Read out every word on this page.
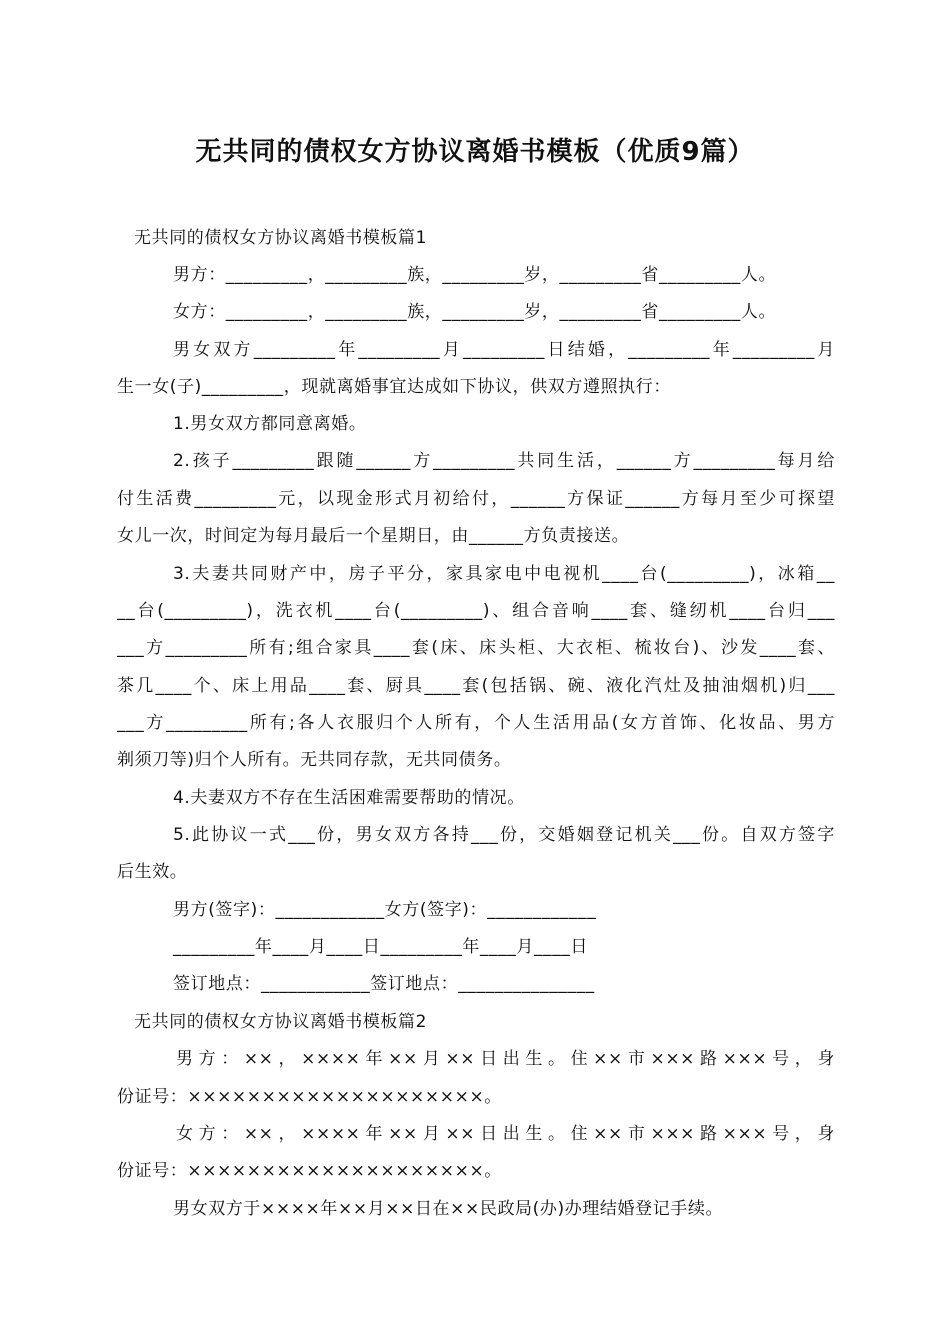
无共同的债权女方协议离婚书模板（优质9篇）
无共同的债权女方协议离婚书模板篇1
男方：_________，_________族，_________岁，_________省_________人。
女方：_________，_________族，_________岁，_________省_________人。
男女双方_________年_________月_________日结婚，_________年_________月
生一女(子)_________，现就离婚事宜达成如下协议，供双方遵照执行：
1.男女双方都同意离婚。
2.孩子_________跟随______方_________共同生活，______方_________每月给
付生活费_________元，以现金形式月初给付，______方保证______方每月至少可探望
女儿一次，时间定为每月最后一个星期日，由______方负责接送。
3.夫妻共同财产中，房子平分，家具家电中电视机____台(_________)，冰箱__
__台(_________)，洗衣机____台(_________)、组合音响____套、缝纫机____台归___
___方_________所有;组合家具____套(床、床头柜、大衣柜、梳妆台)、沙发____套、
茶几____个、床上用品____套、厨具____套(包括锅、碗、液化汽灶及抽油烟机)归___
___方_________所有;各人衣服归个人所有，个人生活用品(女方首饰、化妆品、男方
剃须刀等)归个人所有。无共同存款，无共同债务。
4.夫妻双方不存在生活困难需要帮助的情况。
5.此协议一式___份，男女双方各持___份，交婚姻登记机关___份。自双方签字
后生效。
男方(签字)：____________女方(签字)：____________
_________年____月____日_________年____月____日
签订地点：____________签订地点：_______________
无共同的债权女方协议离婚书模板篇2
男方：××，××××年××月××日出生。住××市×××路×××号，身
份证号：××××××××××××××××××××。
女方：××，××××年××月××日出生。住××市×××路×××号，身
份证号：××××××××××××××××××××。
男女双方于××××年××月××日在××民政局(办)办理结婚登记手续。
